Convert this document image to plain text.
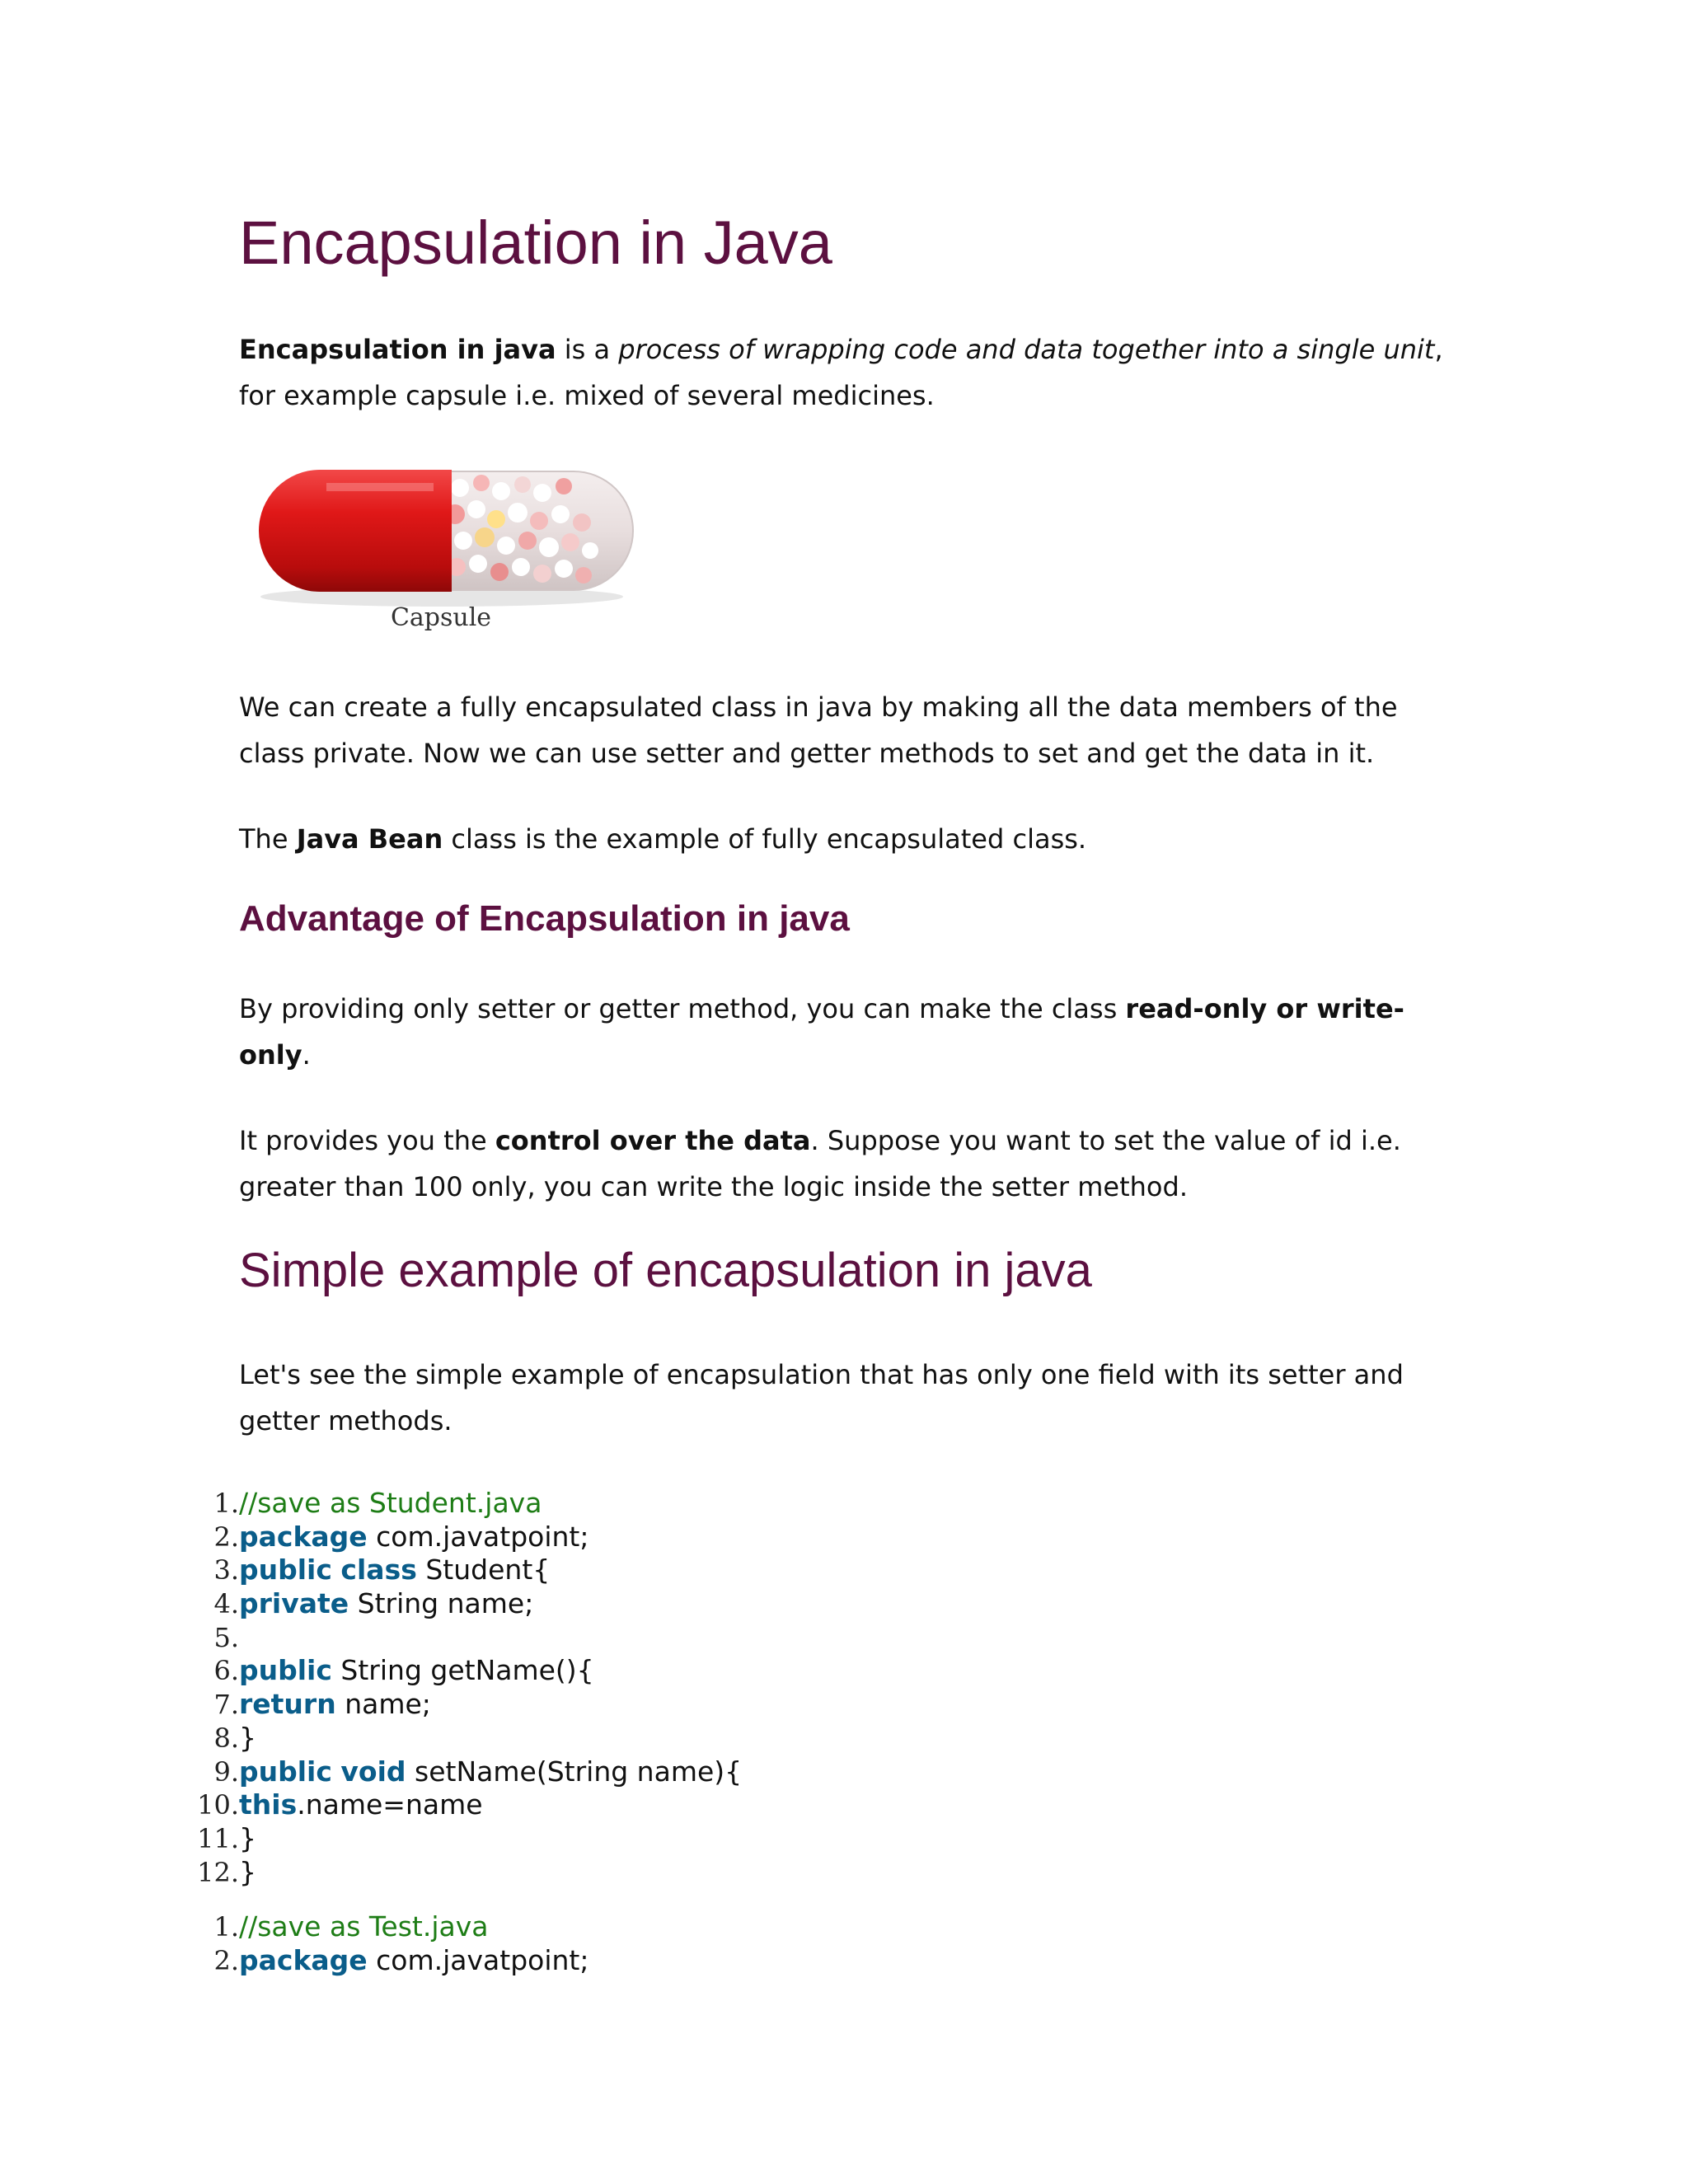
Encapsulation in Java

Encapsulation in java is a process of wrapping code and data together into a single unit, for example capsule i.e. mixed of several medicines.

Capsule

We can create a fully encapsulated class in java by making all the data members of the class private. Now we can use setter and getter methods to set and get the data in it.

The Java Bean class is the example of fully encapsulated class.

Advantage of Encapsulation in java

By providing only setter or getter method, you can make the class read-only or write-only.

It provides you the control over the data. Suppose you want to set the value of id i.e. greater than 100 only, you can write the logic inside the setter method.

Simple example of encapsulation in java

Let's see the simple example of encapsulation that has only one field with its setter and getter methods.

1. //save as Student.java
2. package com.javatpoint;
3. public class Student{
4. private String name;
5.
6. public String getName(){
7. return name;
8. }
9. public void setName(String name){
10. this.name=name
11. }
12. }
1. //save as Test.java
2. package com.javatpoint;
